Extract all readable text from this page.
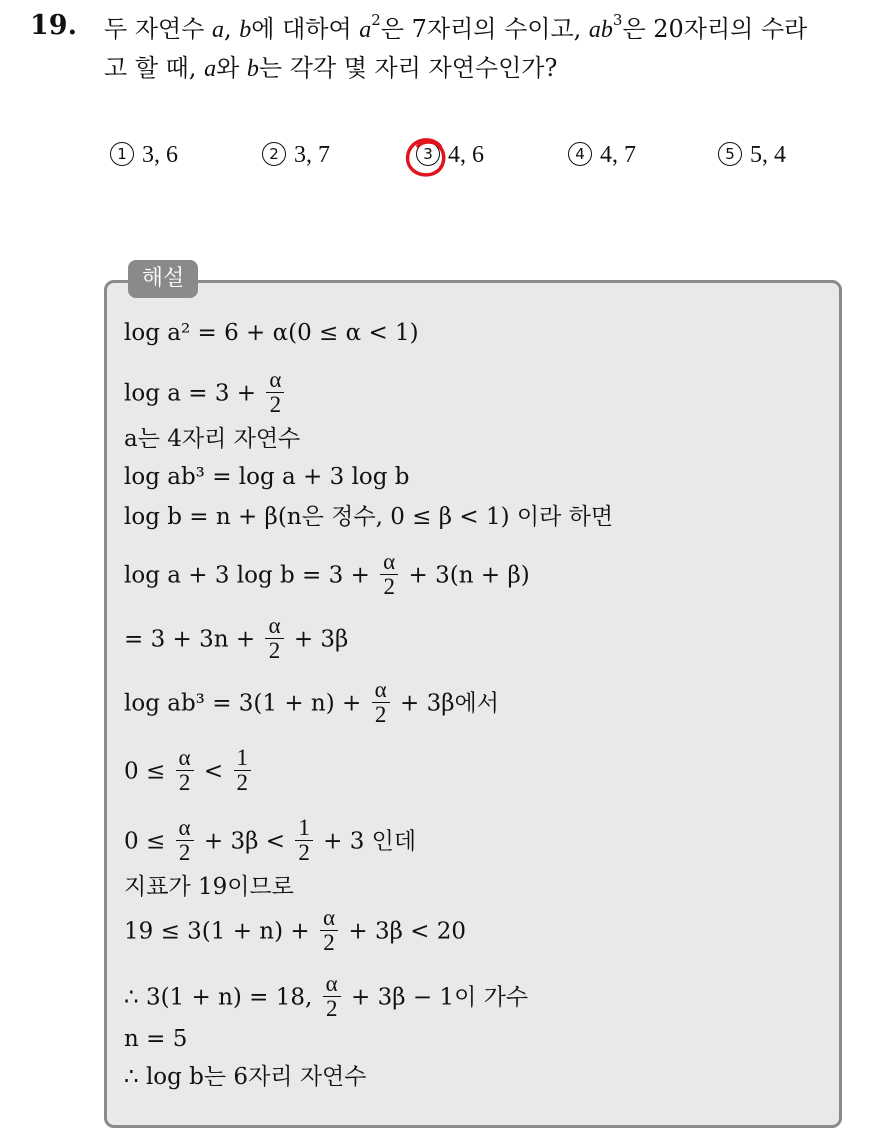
19. 두 자연수 a, b에 대하여 $a^2$은 7자리의 수이고, $ab^3$은 20자리의 수라
고 할 때, a와 b는 각각 몇 자리 자연수인가?
1 3, 6	2 3, 7	3 4, 6	4 4, 7	5 5, 4
해설
log a² = 6 + α(0 ≤ α < 1)
$\log a = 3 + \frac{\alpha}{2}$
a는 4자리 자연수
log ab³ = log a + 3 log b
log b = n + β(n은 정수, 0 ≤ β < 1) 이라 하면
log a + 3 $\log b = 3 + \frac{\alpha}{2} + 3(n + \beta)$
= $3 + 3n + \frac{\alpha}{2} + 3\beta$
$\log ab^3 = 3(1 + n) + \frac{\alpha}{2} + 3\beta$에서
$0 \le \frac{\alpha}{2} < \frac{1}{2}$
$0 \le \frac{\alpha}{2} + 3\beta < \frac{1}{2} + 3$ 인데
지표가 19이므로
$19 \le 3(1 + n) + \frac{\alpha}{2} + 3\beta < 20$
∴ 3(1 + n) = 18, $\frac{\alpha}{2} + 3\beta - 1$이 가수
n = 5
∴ log b는 6자리 자연수
